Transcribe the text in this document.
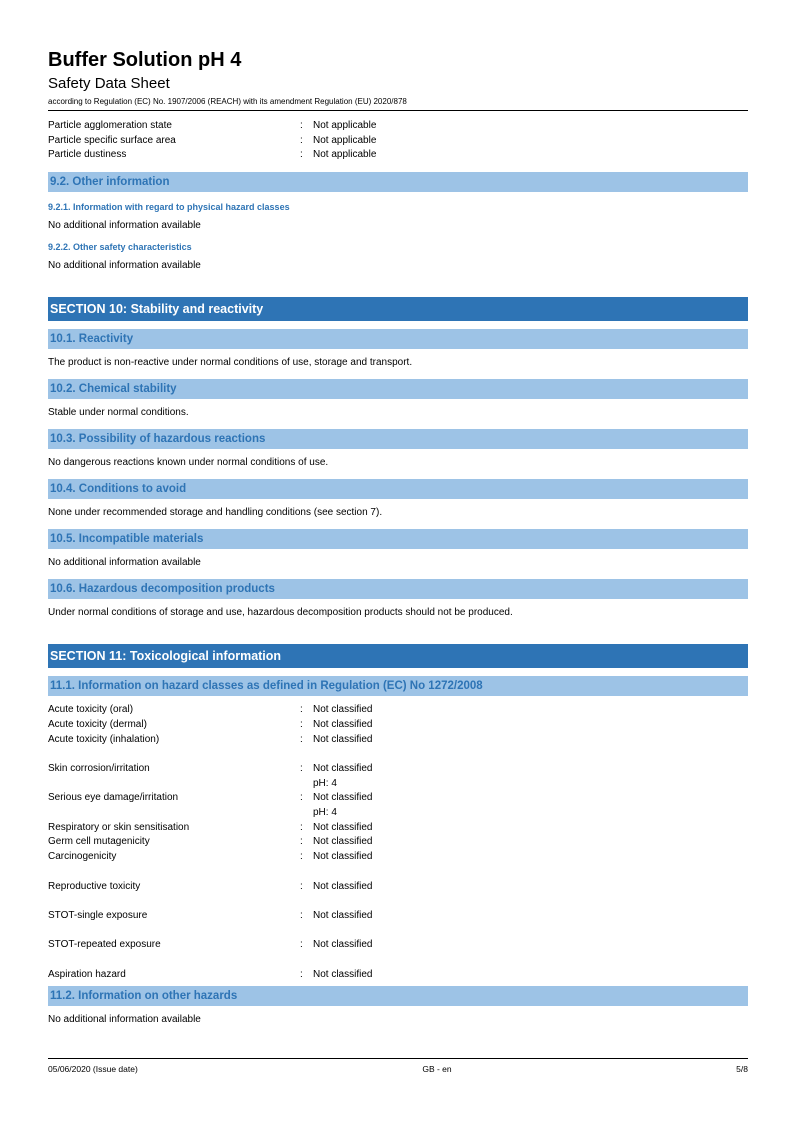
Buffer Solution pH 4
Safety Data Sheet
according to Regulation (EC) No. 1907/2006 (REACH) with its amendment Regulation (EU) 2020/878
Particle agglomeration state	:	Not applicable
Particle specific surface area	:	Not applicable
Particle dustiness	:	Not applicable
9.2. Other information
9.2.1. Information with regard to physical hazard classes
No additional information available
9.2.2. Other safety characteristics
No additional information available
SECTION 10: Stability and reactivity
10.1. Reactivity
The product is non-reactive under normal conditions of use, storage and transport.
10.2. Chemical stability
Stable under normal conditions.
10.3. Possibility of hazardous reactions
No dangerous reactions known under normal conditions of use.
10.4. Conditions to avoid
None under recommended storage and handling conditions (see section 7).
10.5. Incompatible materials
No additional information available
10.6. Hazardous decomposition products
Under normal conditions of storage and use, hazardous decomposition products should not be produced.
SECTION 11: Toxicological information
11.1. Information on hazard classes as defined in Regulation (EC) No 1272/2008
Acute toxicity (oral)	:	Not classified
Acute toxicity (dermal)	:	Not classified
Acute toxicity (inhalation)	:	Not classified
Skin corrosion/irritation	:	Not classified
pH: 4
Serious eye damage/irritation	:	Not classified
pH: 4
Respiratory or skin sensitisation	:	Not classified
Germ cell mutagenicity	:	Not classified
Carcinogenicity	:	Not classified
Reproductive toxicity	:	Not classified
STOT-single exposure	:	Not classified
STOT-repeated exposure	:	Not classified
Aspiration hazard	:	Not classified
11.2. Information on other hazards
No additional information available
05/06/2020 (Issue date)	GB - en	5/8
